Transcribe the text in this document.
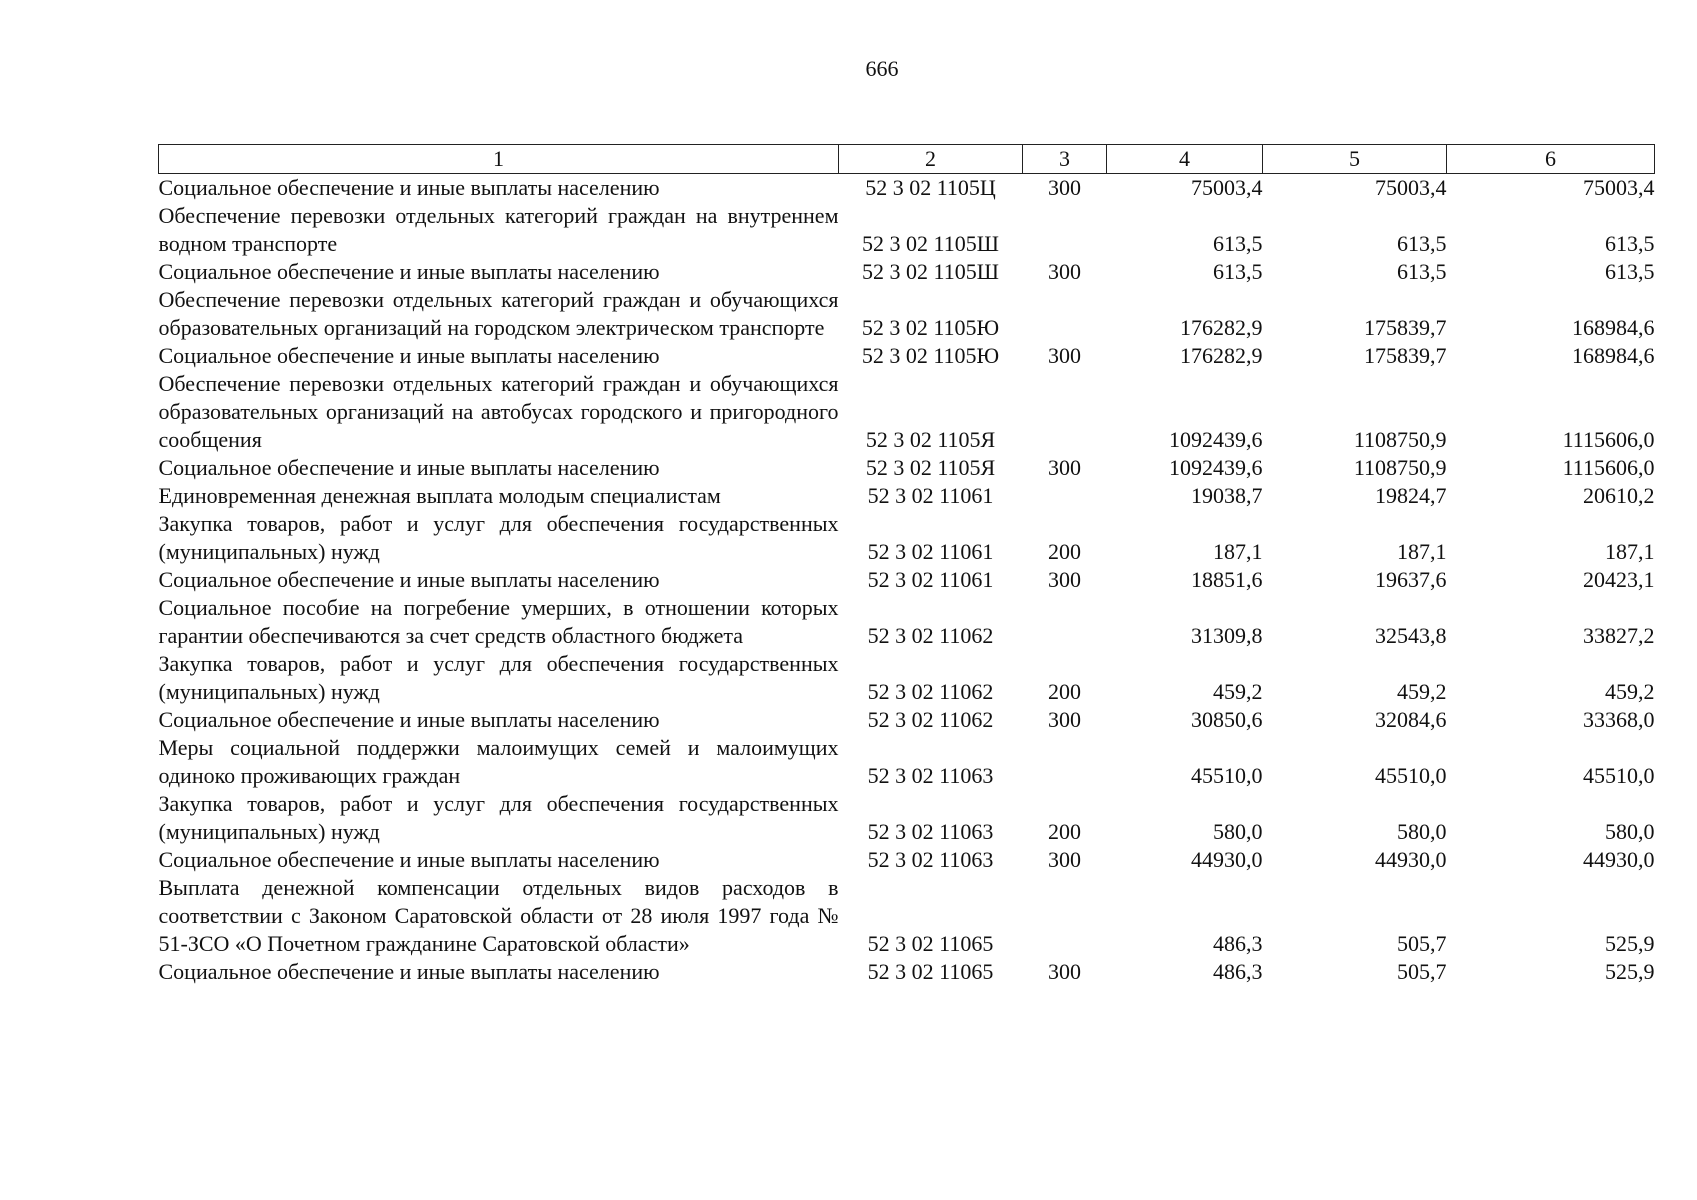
666
1	2	3	4	5	6
Социальное обеспечение и иные выплаты населению	52 3 02 1105Ц	300	75003,4	75003,4	75003,4
Обеспечение перевозки отдельных категорий граждан на внутреннем водном транспорте	52 3 02 1105Ш		613,5	613,5	613,5
Социальное обеспечение и иные выплаты населению	52 3 02 1105Ш	300	613,5	613,5	613,5
Обеспечение перевозки отдельных категорий граждан и обучающихся образовательных организаций на городском электрическом транспорте	52 3 02 1105Ю		176282,9	175839,7	168984,6
Социальное обеспечение и иные выплаты населению	52 3 02 1105Ю	300	176282,9	175839,7	168984,6
Обеспечение перевозки отдельных категорий граждан и обучающихся образовательных организаций на автобусах городского и пригородного сообщения	52 3 02 1105Я		1092439,6	1108750,9	1115606,0
Социальное обеспечение и иные выплаты населению	52 3 02 1105Я	300	1092439,6	1108750,9	1115606,0
Единовременная денежная выплата молодым специалистам	52 3 02 11061		19038,7	19824,7	20610,2
Закупка товаров, работ и услуг для обеспечения государственных (муниципальных) нужд	52 3 02 11061	200	187,1	187,1	187,1
Социальное обеспечение и иные выплаты населению	52 3 02 11061	300	18851,6	19637,6	20423,1
Социальное пособие на погребение умерших, в отношении которых гарантии обеспечиваются за счет средств областного бюджета	52 3 02 11062		31309,8	32543,8	33827,2
Закупка товаров, работ и услуг для обеспечения государственных (муниципальных) нужд	52 3 02 11062	200	459,2	459,2	459,2
Социальное обеспечение и иные выплаты населению	52 3 02 11062	300	30850,6	32084,6	33368,0
Меры социальной поддержки малоимущих семей и малоимущих одиноко проживающих граждан	52 3 02 11063		45510,0	45510,0	45510,0
Закупка товаров, работ и услуг для обеспечения государственных (муниципальных) нужд	52 3 02 11063	200	580,0	580,0	580,0
Социальное обеспечение и иные выплаты населению	52 3 02 11063	300	44930,0	44930,0	44930,0
Выплата денежной компенсации отдельных видов расходов в соответствии с Законом Саратовской области от 28 июля 1997 года № 51-ЗСО «О Почетном гражданине Саратовской области»	52 3 02 11065		486,3	505,7	525,9
Социальное обеспечение и иные выплаты населению	52 3 02 11065	300	486,3	505,7	525,9
